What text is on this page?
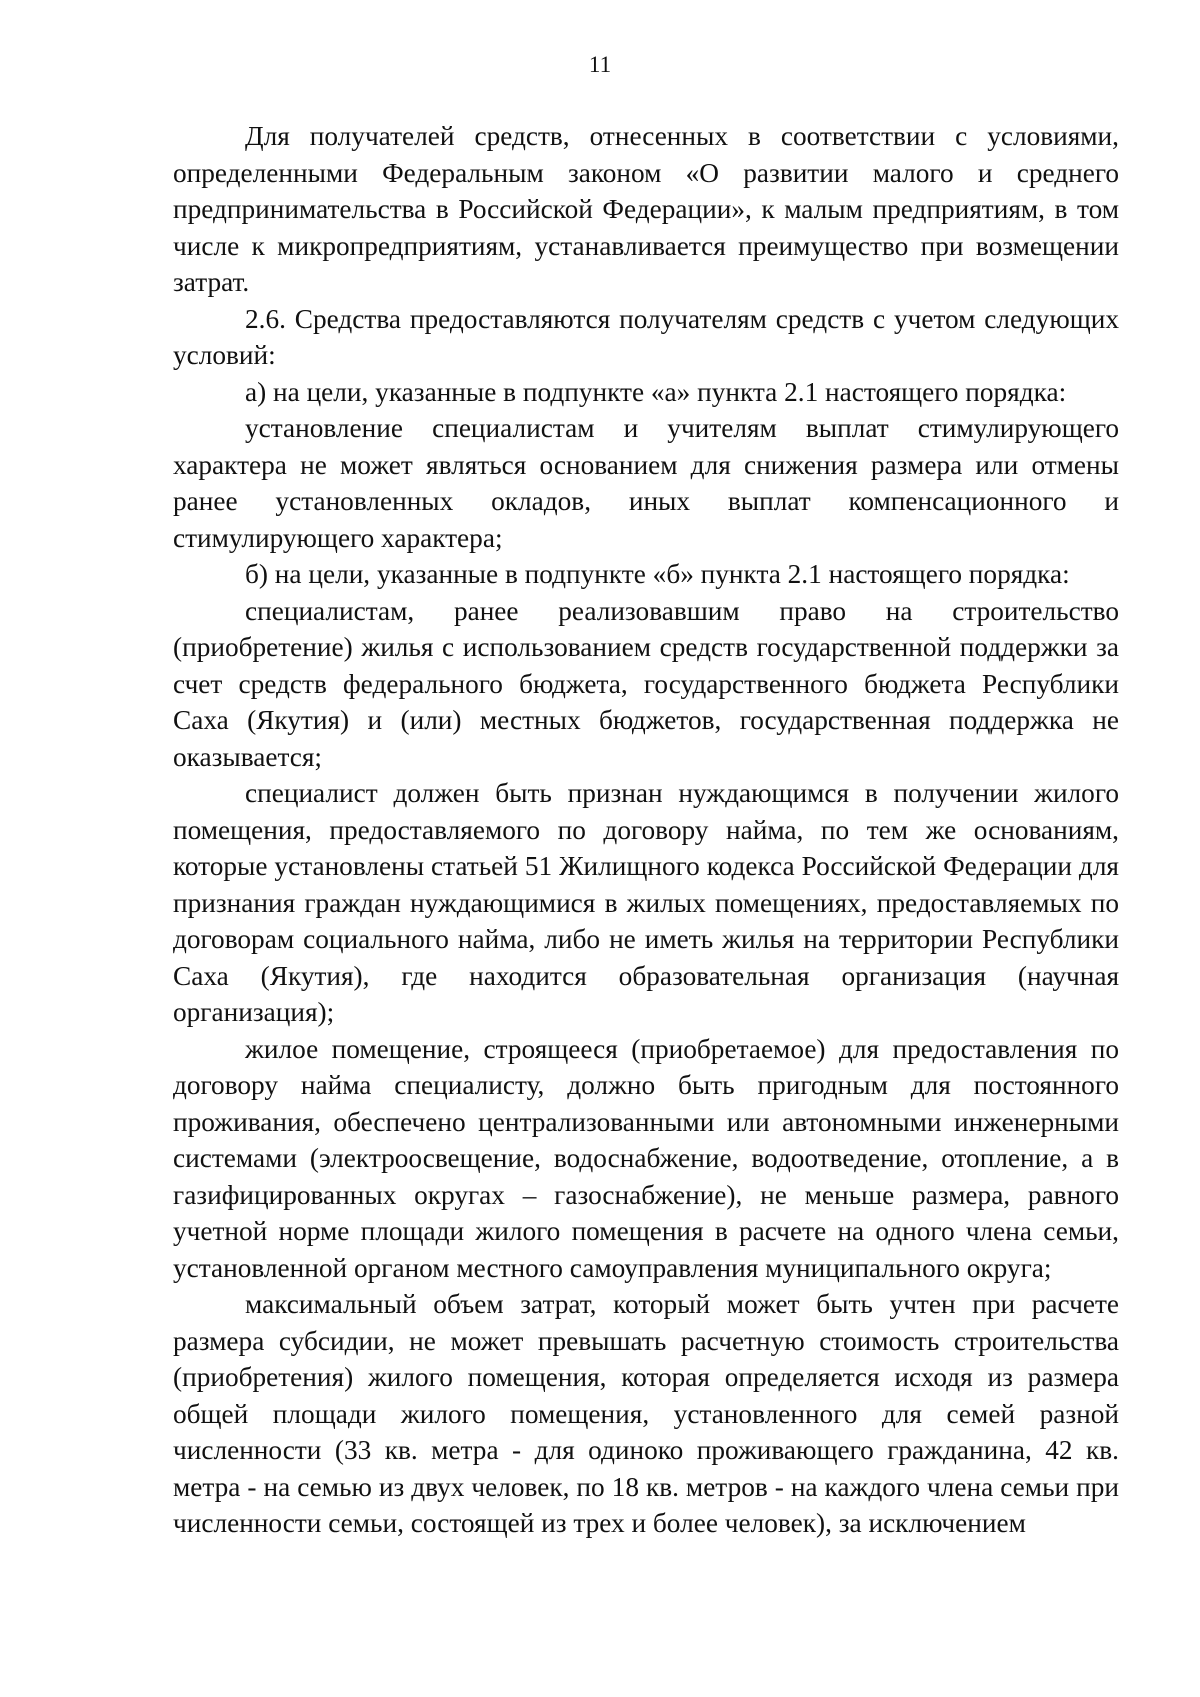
11

Для получателей средств, отнесенных в соответствии с условиями, определенными Федеральным законом «О развитии малого и среднего предпринимательства в Российской Федерации», к малым предприятиям, в том числе к микропредприятиям, устанавливается преимущество при возмещении затрат.

2.6. Средства предоставляются получателям средств с учетом следующих условий:

а) на цели, указанные в подпункте «а» пункта 2.1 настоящего порядка:

установление специалистам и учителям выплат стимулирующего характера не может являться основанием для снижения размера или отмены ранее установленных окладов, иных выплат компенсационного и стимулирующего характера;

б) на цели, указанные в подпункте «б» пункта 2.1 настоящего порядка:

специалистам, ранее реализовавшим право на строительство (приобретение) жилья с использованием средств государственной поддержки за счет средств федерального бюджета, государственного бюджета Республики Саха (Якутия) и (или) местных бюджетов, государственная поддержка не оказывается;

специалист должен быть признан нуждающимся в получении жилого помещения, предоставляемого по договору найма, по тем же основаниям, которые установлены статьей 51 Жилищного кодекса Российской Федерации для признания граждан нуждающимися в жилых помещениях, предоставляемых по договорам социального найма, либо не иметь жилья на территории Республики Саха (Якутия), где находится образовательная организация (научная организация);

жилое помещение, строящееся (приобретаемое) для предоставления по договору найма специалисту, должно быть пригодным для постоянного проживания, обеспечено централизованными или автономными инженерными системами (электроосвещение, водоснабжение, водоотведение, отопление, а в газифицированных округах – газоснабжение), не меньше размера, равного учетной норме площади жилого помещения в расчете на одного члена семьи, установленной органом местного самоуправления муниципального округа;

максимальный объем затрат, который может быть учтен при расчете размера субсидии, не может превышать расчетную стоимость строительства (приобретения) жилого помещения, которая определяется исходя из размера общей площади жилого помещения, установленного для семей разной численности (33 кв. метра - для одиноко проживающего гражданина, 42 кв. метра - на семью из двух человек, по 18 кв. метров - на каждого члена семьи при численности семьи, состоящей из трех и более человек), за исключением
